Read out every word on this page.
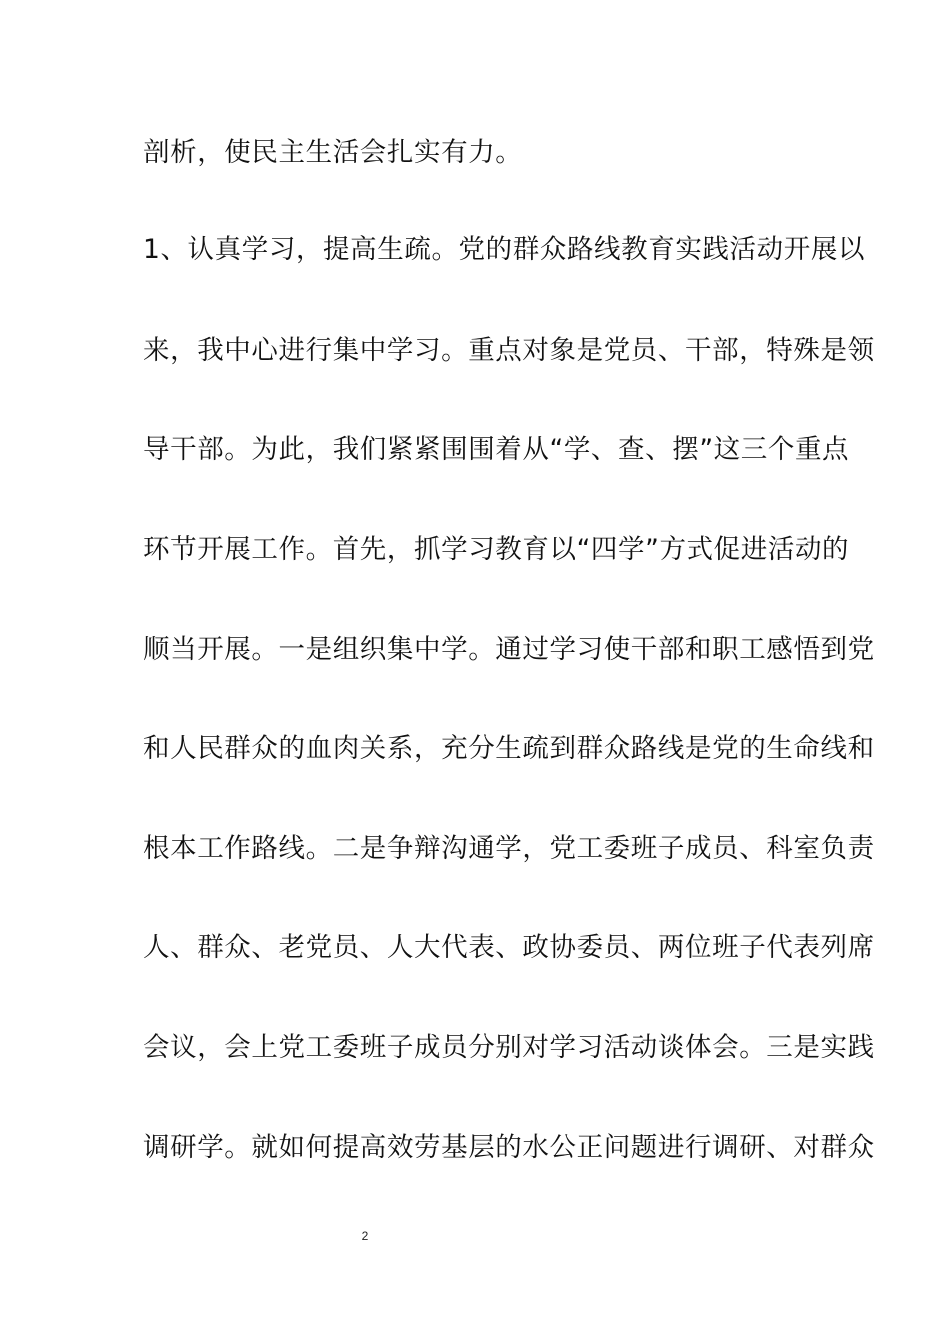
剖析，使民主生活会扎实有力。
1、认真学习，提高生疏。党的群众路线教育实践活动开展以
来，我中心进行集中学习。重点对象是党员、干部，特殊是领
导干部。为此，我们紧紧围围着从“学、查、摆”这三个重点
环节开展工作。首先，抓学习教育以“四学”方式促进活动的
顺当开展。一是组织集中学。通过学习使干部和职工感悟到党
和人民群众的血肉关系，充分生疏到群众路线是党的生命线和
根本工作路线。二是争辩沟通学，党工委班子成员、科室负责
人、群众、老党员、人大代表、政协委员、两位班子代表列席
会议，会上党工委班子成员分别对学习活动谈体会。三是实践
调研学。就如何提高效劳基层的水公正问题进行调研、对群众
2
